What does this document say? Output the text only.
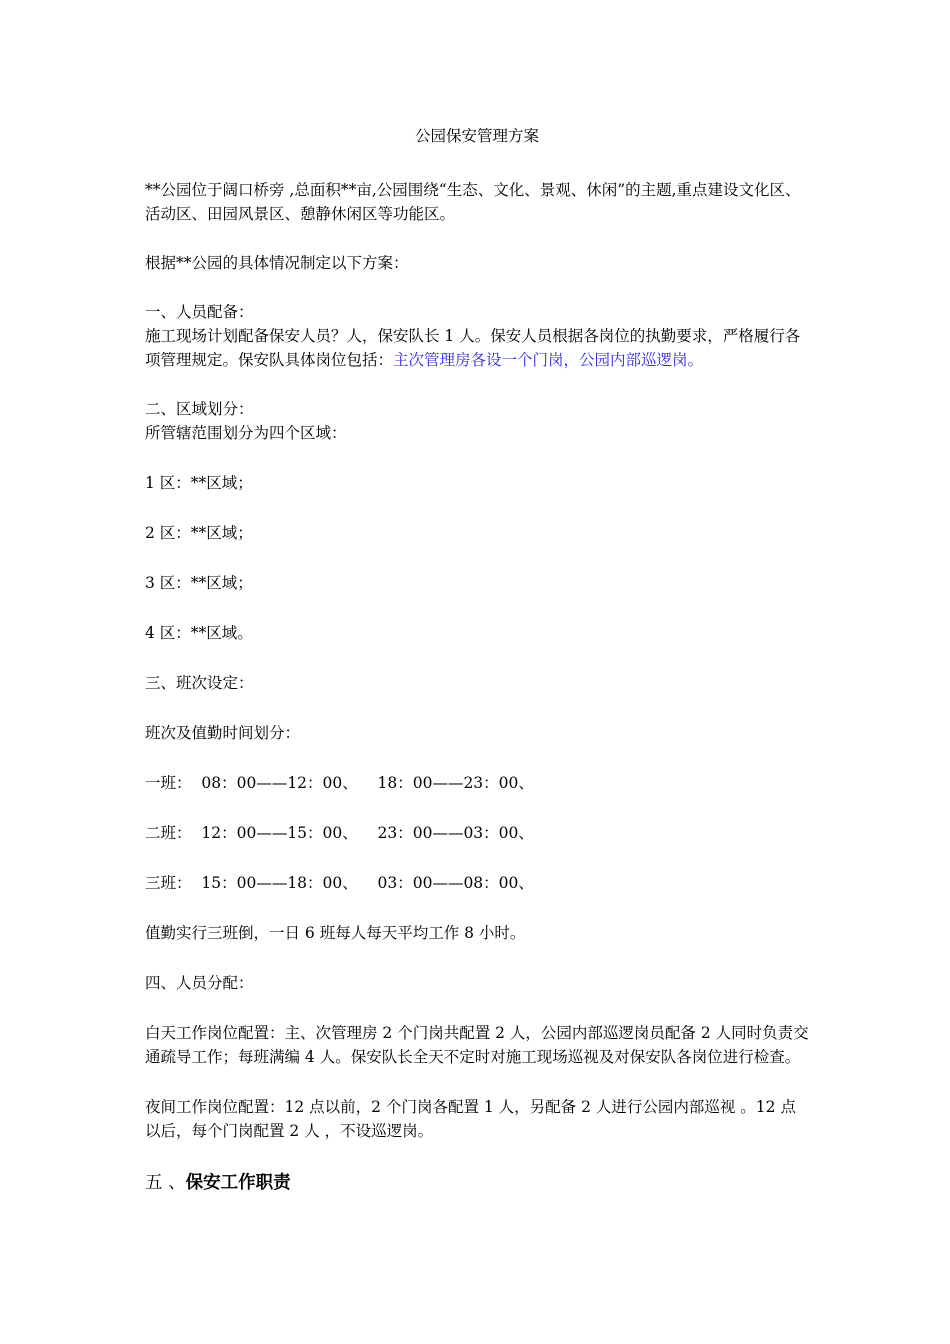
公园保安管理方案

**公园位于阔口桥旁 ,总面积**亩,公园围绕“生态、文化、景观、休闲”的主题,重点建设文化区、活动区、田园风景区、憩静休闲区等功能区。

根据**公园的具体情况制定以下方案：

一、人员配备：

施工现场计划配备保安人员？人，保安队长 1 人。保安人员根据各岗位的执勤要求，严格履行各项管理规定。保安队具体岗位包括：主次管理房各设一个门岗，公园内部巡逻岗。

二、区域划分：

所管辖范围划分为四个区域：

1 区：**区域；

2 区：**区域；

3 区：**区域；

4 区：**区域。

三、班次设定：

班次及值勤时间划分：

一班： 08：00——12：00、 18：00——23：00、

二班： 12：00——15：00、 23：00——03：00、

三班： 15：00——18：00、 03：00——08：00、

值勤实行三班倒，一日 6 班每人每天平均工作 8 小时。

四、人员分配：

白天工作岗位配置：主、次管理房 2 个门岗共配置 2 人，公园内部巡逻岗员配备 2 人同时负责交通疏导工作；每班满编 4 人。保安队长全天不定时对施工现场巡视及对保安队各岗位进行检查。

夜间工作岗位配置：12 点以前，2 个门岗各配置 1 人，另配备 2 人进行公园内部巡视 。12 点以后，每个门岗配置 2 人 ，不设巡逻岗。

五 、保安工作职责
